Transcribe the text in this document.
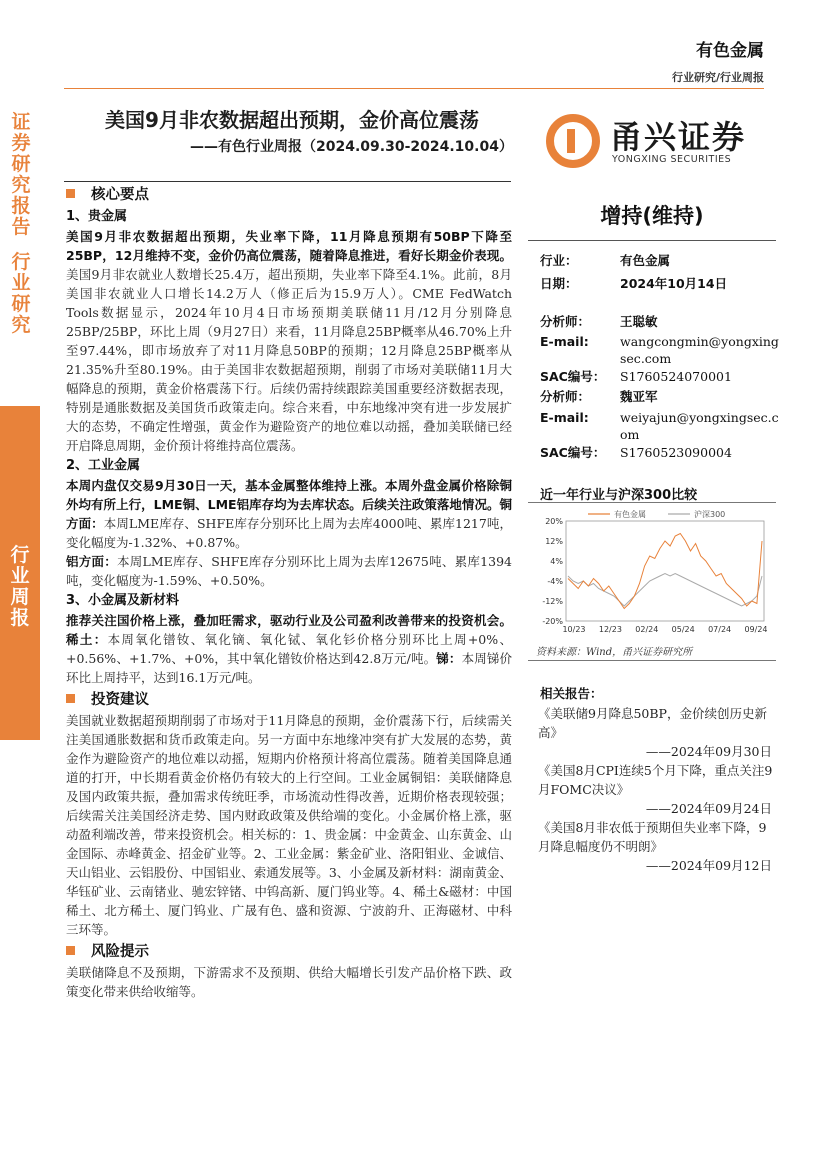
证券研究报告
行业研究
行业周报
有色金属
行业研究/行业周报
美国9月非农数据超出预期，金价高位震荡
——有色行业周报（2024.09.30-2024.10.04）	甬兴证券
YONGXING SECURITIES
核心要点
1、贵金属
美国9月非农数据超出预期，失业率下降，11月降息预期有50BP下降至25BP，12月维持不变，金价仍高位震荡，随着降息推进，看好长期金价表现。美国9月非农就业人数增长25.4万，超出预期，失业率下降至4.1%。此前，8月美国非农就业人口增长14.2万人（修正后为15.9万人）。CME FedWatch Tools数据显示，2024年10月4日市场预期美联储11月/12月分别降息25BP/25BP，环比上周（9月27日）来看，11月降息25BP概率从46.70%上升至97.44%，即市场放弃了对11月降息50BP的预期；12月降息25BP概率从21.35%升至80.19%。由于美国非农数据超预期，削弱了市场对美联储11月大幅降息的预期，黄金价格震荡下行。后续仍需持续跟踪美国重要经济数据表现，特别是通胀数据及美国货币政策走向。综合来看，中东地缘冲突有进一步发展扩大的态势，不确定性增强，黄金作为避险资产的地位难以动摇，叠加美联储已经开启降息周期，金价预计将维持高位震荡。
2、工业金属
本周内盘仅交易9月30日一天，基本金属整体维持上涨。本周外盘金属价格除铜外均有所上行，LME铜、LME铝库存均为去库状态。后续关注政策落地情况。铜方面：本周LME库存、SHFE库存分别环比上周为去库4000吨、累库1217吨，变化幅度为-1.32%、+0.87%。
铝方面：本周LME库存、SHFE库存分别环比上周为去库12675吨、累库1394吨，变化幅度为-1.59%、+0.50%。
3、小金属及新材料
推荐关注国价格上涨，叠加旺需求，驱动行业及公司盈利改善带来的投资机会。稀土：本周氧化镨钕、氧化镝、氧化铽、氧化钐价格分别环比上周+0%、+0.56%、+1.7%、+0%，其中氧化镨钕价格达到42.8万元/吨。锑：本周锑价环比上周持平，达到16.1万元/吨。
投资建议
美国就业数据超预期削弱了市场对于11月降息的预期，金价震荡下行，后续需关注美国通胀数据和货币政策走向。另一方面中东地缘冲突有扩大发展的态势，黄金作为避险资产的地位难以动摇，短期内价格预计将高位震荡。随着美国降息通道的打开，中长期看黄金价格仍有较大的上行空间。工业金属铜铝：美联储降息及国内政策共振，叠加需求传统旺季，市场流动性得改善，近期价格表现较强；后续需关注美国经济走势、国内财政政策及供给端的变化。小金属价格上涨，驱动盈利端改善，带来投资机会。相关标的：1、贵金属：中金黄金、山东黄金、山金国际、赤峰黄金、招金矿业等。2、工业金属：紫金矿业、洛阳钼业、金诚信、天山铝业、云铝股份、中国铝业、索通发展等。3、小金属及新材料：湖南黄金、华钰矿业、云南锗业、驰宏锌锗、中钨高新、厦门钨业等。4、稀土&磁材：中国稀土、北方稀土、厦门钨业、广晟有色、盛和资源、宁波韵升、正海磁材、中科三环等。
风险提示
美联储降息不及预期，下游需求不及预期、供给大幅增长引发产品价格下跌、政策变化带来供给收缩等。
增持(维持)
行业：	有色金属
日期：	2024年10月14日
分析师：	王聪敏
E-mail:	wangcongmin@yongxingsec.com
SAC编号：	S1760524070001
分析师：	魏亚军
E-mail:	weiyajun@yongxingsec.com
SAC编号：	S1760523090004
近一年行业与沪深300比较
有色金属	沪深300
20%
12%
4%
-4%
-12%
-20%
10/23 12/23 02/24 05/24 07/24 09/24
资料来源：Wind，甬兴证券研究所
相关报告：
《美联储9月降息50BP，金价续创历史新高》
——2024年09月30日
《美国8月CPI连续5个月下降，重点关注9月FOMC决议》
——2024年09月24日
《美国8月非农低于预期但失业率下降，9月降息幅度仍不明朗》
——2024年09月12日
